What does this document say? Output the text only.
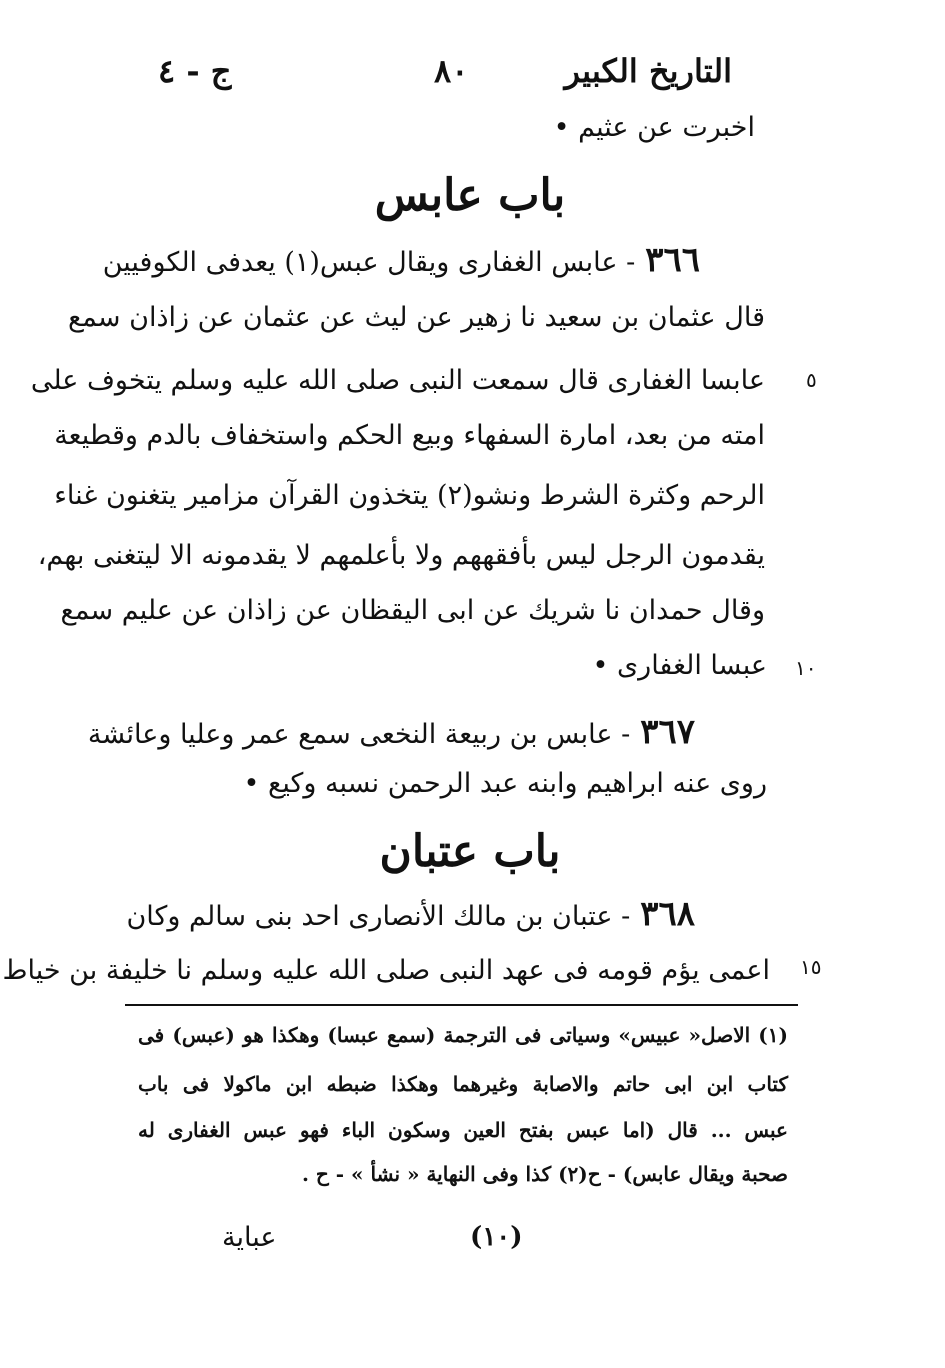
التاريخ الكبير
٨٠
ج - ٤
اخبرت عن عثيم •
باب عابس
٣٦٦
- عابس الغفارى ويقال عبس(١) يعدفى الكوفيين
قال عثمان بن سعيد نا زهير عن ليث عن عثمان عن زاذان سمع
عابسا الغفارى قال سمعت النبى صلى الله عليه وسلم يتخوف على
امته من بعد، امارة السفهاء وبيع الحكم واستخفاف بالدم وقطيعة
الرحم وكثرة الشرط ونشو(٢) يتخذون القرآن مزامير يتغنون غناء
يقدمون الرجل ليس بأفقههم ولا بأعلمهم لا يقدمونه الا ليتغنى بهم،
وقال حمدان نا شريك عن ابى اليقظان عن زاذان عن عليم سمع
عبسا الغفارى •
٥
١٠
١٥
٣٦٧
- عابس بن ربيعة النخعى سمع عمر وعليا وعائشة
روى عنه ابراهيم وابنه عبد الرحمن نسبه وكيع •
باب عتبان
٣٦٨
- عتبان بن مالك الأنصارى احد بنى سالم وكان
اعمى يؤم قومه فى عهد النبى صلى الله عليه وسلم نا خليفة بن خياط
(١) الاصل« عبيس» وسياتى فى الترجمة (سمع عبسا) وهكذا هو (عبس) فى
كتاب ابن ابى حاتم والاصابة وغيرهما وهكذا ضبطه ابن ماكولا فى باب
عبس ... قال (اما عبس بفتح العين وسكون الباء فهو عبس الغفارى له
صحبة ويقال عابس) - ح(٢) كذا وفى النهاية « نشأ » - ح .
(١٠)
عباية
